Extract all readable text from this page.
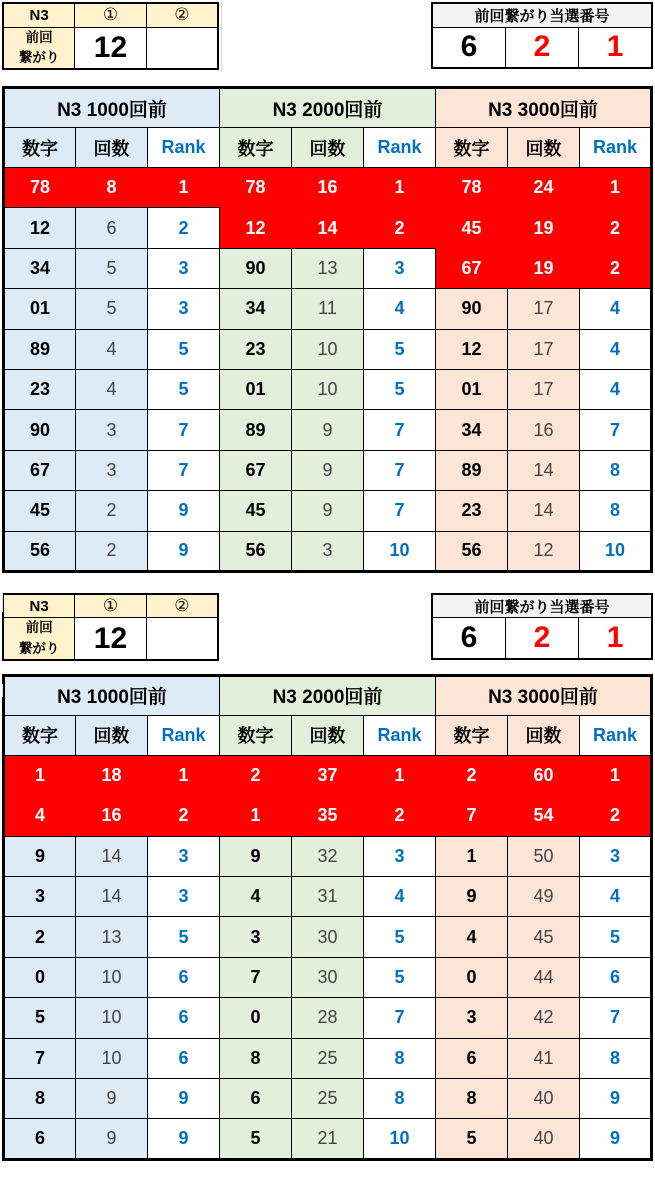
N3	①	②
前回
繋がり	12	
前回繋がり当選番号
6	2	1
N3 1000回前			N3 2000回前			N3 3000回前		
数字	回数	Rank	数字	回数	Rank	数字	回数	Rank
78	8	1	78	16	1	78	24	1
12	6	2	12	14	2	45	19	2
34	5	3	90	13	3	67	19	2
01	5	3	34	11	4	90	17	4
89	4	5	23	10	5	12	17	4
23	4	5	01	10	5	01	17	4
90	3	7	89	9	7	34	16	7
67	3	7	67	9	7	89	14	8
45	2	9	45	9	7	23	14	8
56	2	9	56	3	10	56	12	10
N3	①	②
前回
繋がり	12	
前回繋がり当選番号
6	2	1
N3 1000回前			N3 2000回前			N3 3000回前		
数字	回数	Rank	数字	回数	Rank	数字	回数	Rank
1	18	1	2	37	1	2	60	1
4	16	2	1	35	2	7	54	2
9	14	3	9	32	3	1	50	3
3	14	3	4	31	4	9	49	4
2	13	5	3	30	5	4	45	5
0	10	6	7	30	5	0	44	6
5	10	6	0	28	7	3	42	7
7	10	6	8	25	8	6	41	8
8	9	9	6	25	8	8	40	9
6	9	9	5	21	10	5	40	9
